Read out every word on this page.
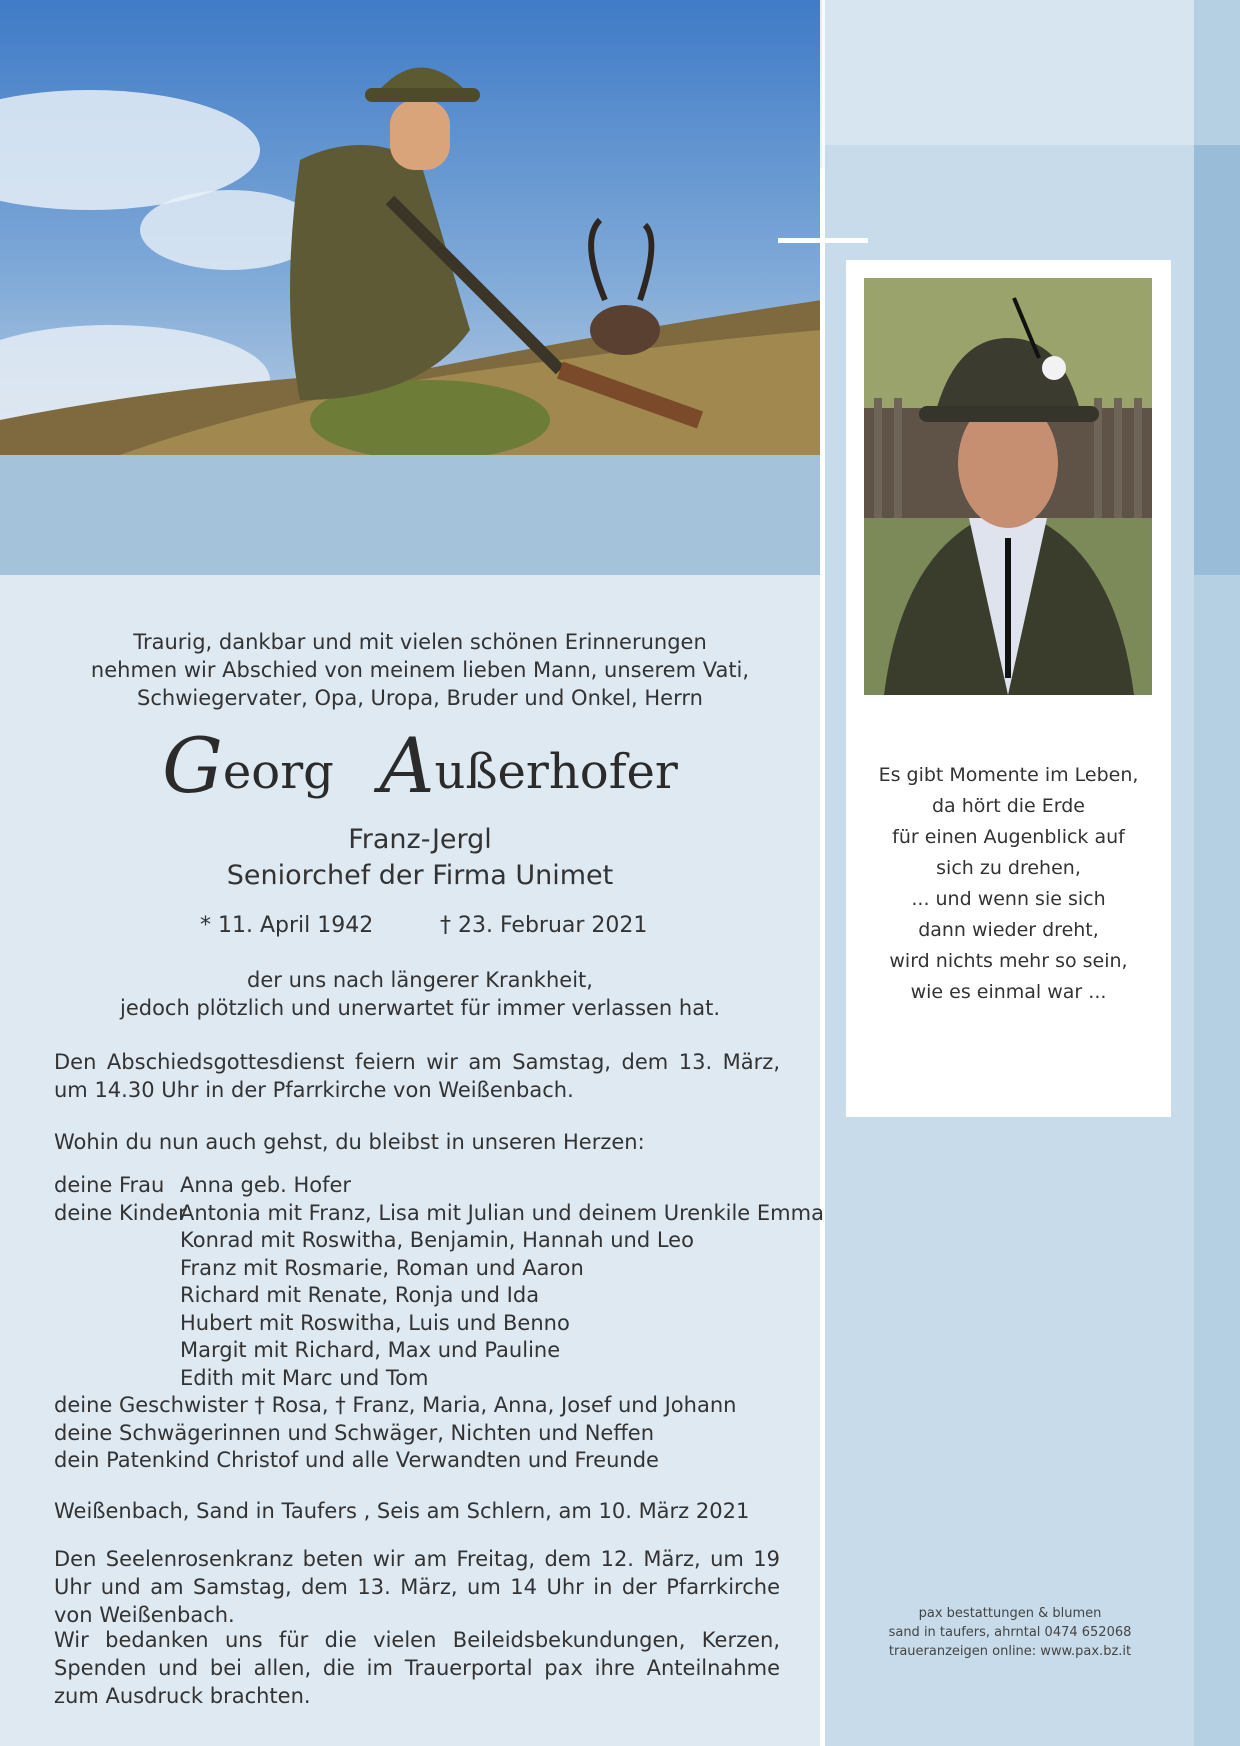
Es gibt Momente im Leben,
da hört die Erde
für einen Augenblick auf
sich zu drehen,
... und wenn sie sich
dann wieder dreht,
wird nichts mehr so sein,
wie es einmal war ...
pax bestattungen & blumen
sand in taufers, ahrntal 0474 652068
traueranzeigen online: www.pax.bz.it
Traurig, dankbar und mit vielen schönen Erinnerungen
nehmen wir Abschied von meinem lieben Mann, unserem Vati,
Schwiegervater, Opa, Uropa, Bruder und Onkel, Herrn
Georg Außerhofer
Franz-Jergl
Seniorchef der Firma Unimet
* 11. April 1942	† 23. Februar 2021
der uns nach längerer Krankheit,
jedoch plötzlich und unerwartet für immer verlassen hat.
Den Abschiedsgottesdienst feiern wir am Samstag, dem 13. März, um 14.30 Uhr in der Pfarrkirche von Weißenbach.
Wohin du nun auch gehst, du bleibst in unseren Herzen:
deine Frau Anna geb. Hofer
deine KinderAntonia mit Franz, Lisa mit Julian und deinem Urenkile Emma
Konrad mit Roswitha, Benjamin, Hannah und Leo
Franz mit Rosmarie, Roman und Aaron
Richard mit Renate, Ronja und Ida
Hubert mit Roswitha, Luis und Benno
Margit mit Richard, Max und Pauline
Edith mit Marc und Tom
deine Geschwister † Rosa, † Franz, Maria, Anna, Josef und Johann
deine Schwägerinnen und Schwäger, Nichten und Neffen
dein Patenkind Christof und alle Verwandten und Freunde
Weißenbach, Sand in Taufers , Seis am Schlern, am 10. März 2021
Den Seelenrosenkranz beten wir am Freitag, dem 12. März, um 19 Uhr und am Samstag, dem 13. März, um 14 Uhr in der Pfarrkirche von Weißenbach.
Wir bedanken uns für die vielen Beileidsbekundungen, Kerzen, Spenden und bei allen, die im Trauerportal pax ihre Anteilnahme zum Ausdruck brachten.
